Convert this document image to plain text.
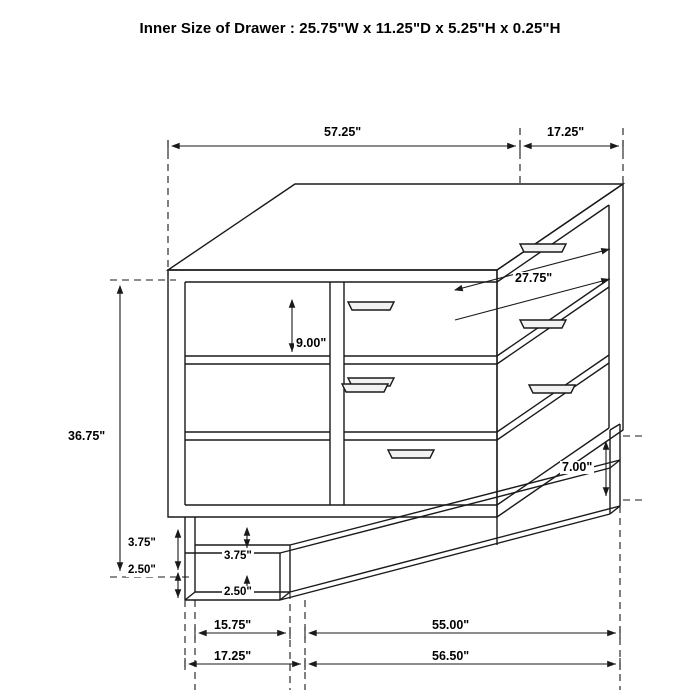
Inner Size of Drawer : 25.75"W x 11.25"D x 5.25"H x 0.25"H
57.25"	17.25"
27.75"
9.00"
36.75"
7.00"
3.75"
3.75"
2.50"
2.50"
15.75"	55.00"
17.25"	56.50"
